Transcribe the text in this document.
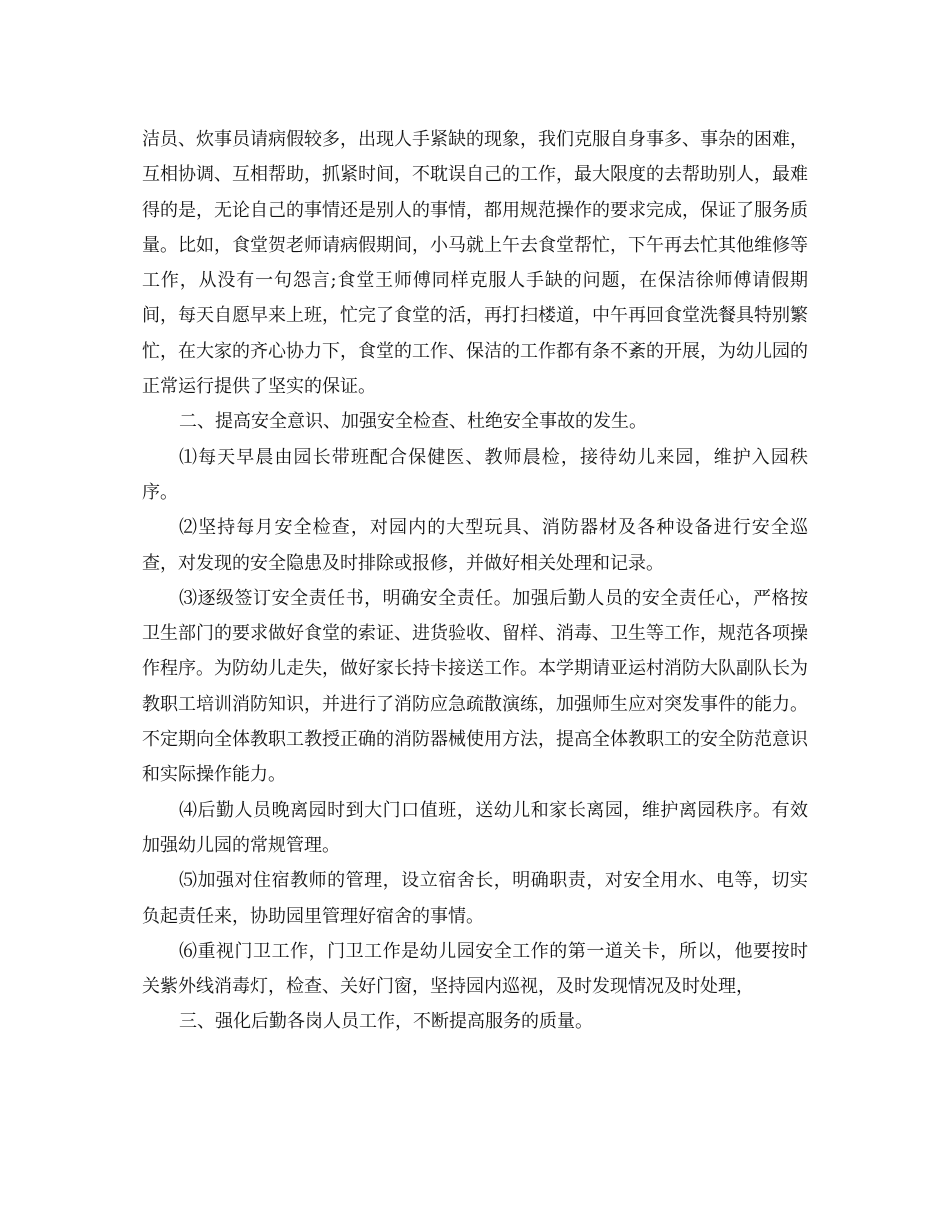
洁员、炊事员请病假较多，出现人手紧缺的现象，我们克服自身事多、事杂的困难，互相协调、互相帮助，抓紧时间，不耽误自己的工作，最大限度的去帮助别人，最难得的是，无论自己的事情还是别人的事情，都用规范操作的要求完成，保证了服务质量。比如，食堂贺老师请病假期间，小马就上午去食堂帮忙，下午再去忙其他维修等工作，从没有一句怨言;食堂王师傅同样克服人手缺的问题，在保洁徐师傅请假期间，每天自愿早来上班，忙完了食堂的活，再打扫楼道，中午再回食堂洗餐具特别繁忙，在大家的齐心协力下，食堂的工作、保洁的工作都有条不紊的开展，为幼儿园的正常运行提供了坚实的保证。

二、提高安全意识、加强安全检查、杜绝安全事故的发生。

⑴每天早晨由园长带班配合保健医、教师晨检，接待幼儿来园，维护入园秩序。

⑵坚持每月安全检查，对园内的大型玩具、消防器材及各种设备进行安全巡查，对发现的安全隐患及时排除或报修，并做好相关处理和记录。

⑶逐级签订安全责任书，明确安全责任。加强后勤人员的安全责任心，严格按卫生部门的要求做好食堂的索证、进货验收、留样、消毒、卫生等工作，规范各项操作程序。为防幼儿走失，做好家长持卡接送工作。本学期请亚运村消防大队副队长为教职工培训消防知识，并进行了消防应急疏散演练，加强师生应对突发事件的能力。不定期向全体教职工教授正确的消防器械使用方法，提高全体教职工的安全防范意识和实际操作能力。

⑷后勤人员晚离园时到大门口值班，送幼儿和家长离园，维护离园秩序。有效加强幼儿园的常规管理。

⑸加强对住宿教师的管理，设立宿舍长，明确职责，对安全用水、电等，切实负起责任来，协助园里管理好宿舍的事情。

⑹重视门卫工作，门卫工作是幼儿园安全工作的第一道关卡，所以，他要按时关紫外线消毒灯，检查、关好门窗，坚持园内巡视，及时发现情况及时处理，

三、强化后勤各岗人员工作，不断提高服务的质量。
